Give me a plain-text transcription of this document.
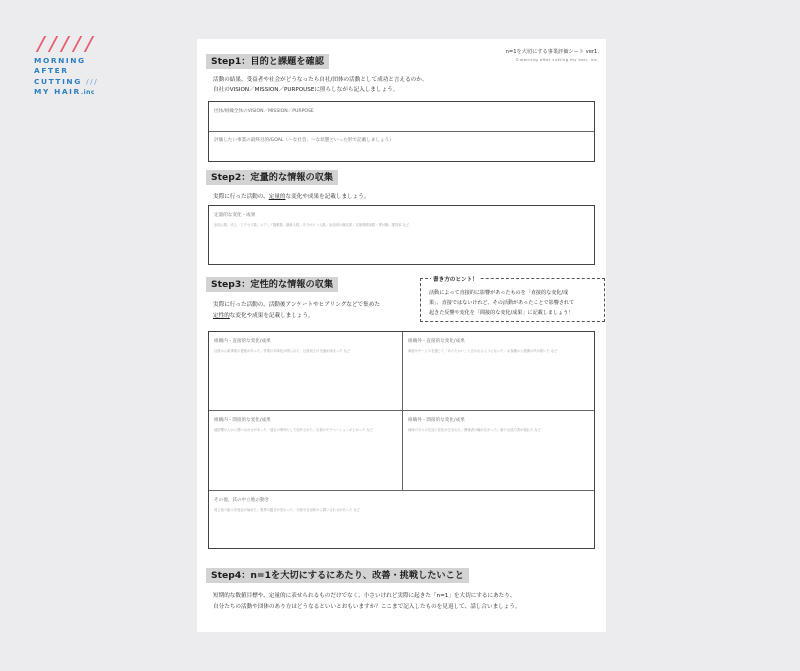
MORNING
AFTER
CUTTING ///
MY HAIR.inc
n=1を大切にする事業評価シート ver1.
©morning after cutting my hair, inc.
Step1：目的と課題を確認
活動の結果、受益者や社会がどうなったら自社/団体の活動として成功と言えるのか、
自社のVISION／MISSION／PURPOUSEに照らしながら記入しましょう。
団体/組織全体のVISION／MISSION／PURPOSE
評価したい事業の最終目的/GOAL（〜な社会、〜な状態といった形で記載しましょう）
Step2：定量的な情報の収集
実際に行った活動の、定量的な変化や成果を記載しましょう。
定量的な変化・成果
参加人数／売上／アクセス数／メディア掲載数／継続人数／ありがとう人数／参加者の満足度／支援者増加数・寄付額／獲得率 など
Step3：定性的な情報の収集
実際に行った活動の、活動後アンケートやヒアリングなどで集めた
定性的な変化や成果を記載しましょう。
書き方のヒント！
活動によって直接的に影響があったものを「直接的な変化/成
果」、直接ではないけれど、その活動があったことで影響されて
起きた反響や変化を「間接的な変化/成果」に記載しましょう！
組織内・直接的な変化/成果
社員から新事業の提案があった／作業の効率化が図られた／社員同士の交流が深まった など
組織外・直接的な変化/成果
商品やサービスを通じて「あたたかい」と言われるようになった／お客様から感謝の声が届いた など
組織内・間接的な変化/成果
他部署の人から問い合わせがあった／他社の事例として紹介された／社員のモチベーションが上がった など
組織外・間接的な変化/成果
地域の方々の生活に変化が生まれた／関係者の輪が広がった／新たな協力者が現れた など
その他、其の中立地の動き
同じ取り組みを他社が始めた／業界の動きが変わった／行政や自治体から問い合わせがあった など
Step4：n=1を大切にするにあたり、改善・挑戦したいこと
短期的な数値目標や、定量的に表せられるものだけでなく、小さいけれど実際に起きた「n=1」を大切にするにあたり、
自分たちの活動や団体のあり方はどうなるといいとおもいますか？ここまで記入したものを見返して、話し合いましょう。
